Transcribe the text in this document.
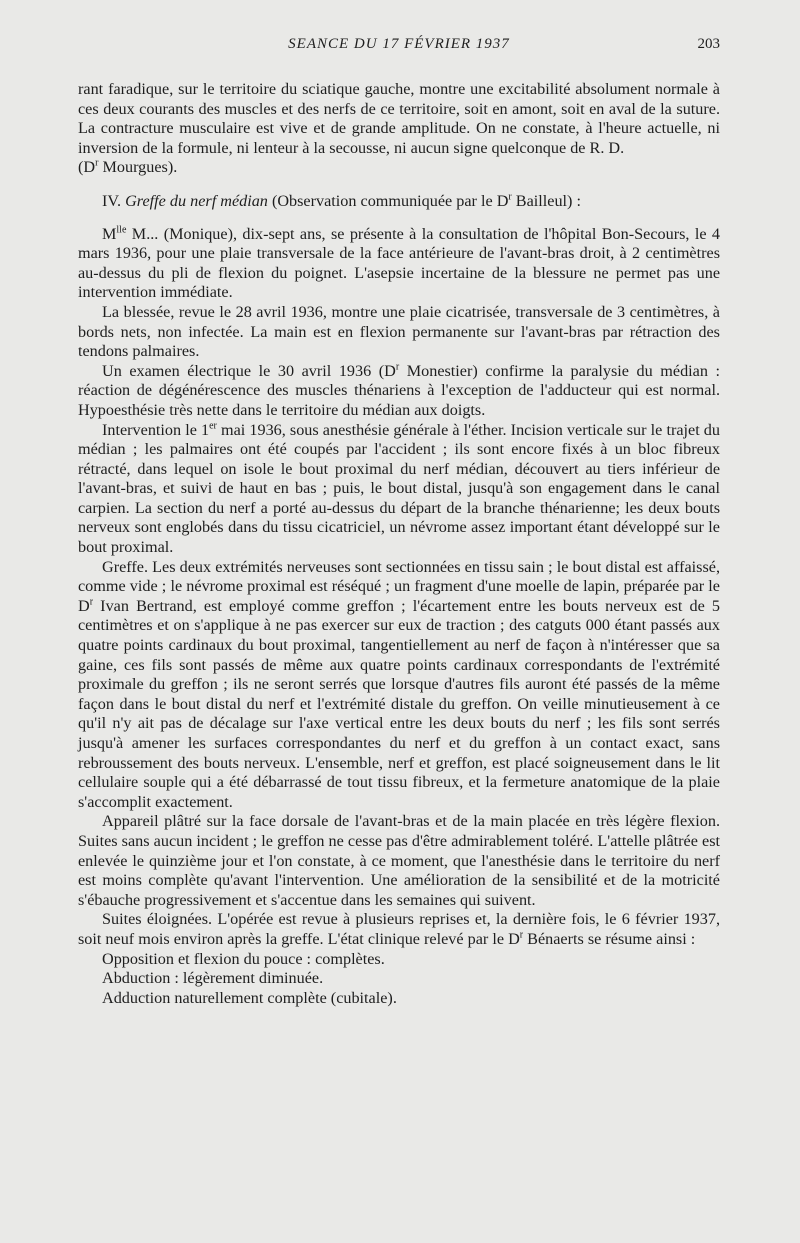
SEANCE DU 17 FÉVRIER 1937	203

rant faradique, sur le territoire du sciatique gauche, montre une excitabilité absolument normale à ces deux courants des muscles et des nerfs de ce territoire, soit en amont, soit en aval de la suture. La contracture musculaire est vive et de grande amplitude. On ne constate, à l'heure actuelle, ni inversion de la formule, ni lenteur à la secousse, ni aucun signe quelconque de R. D.
($D^r$ Mourgues).

IV. Greffe du nerf médian (Observation communiquée par le $D^r$ Bailleul) :

$M^{lle}$ M... (Monique), dix-sept ans, se présente à la consultation de l'hôpital Bon-Secours, le 4 mars 1936, pour une plaie transversale de la face antérieure de l'avant-bras droit, à 2 centimètres au-dessus du pli de flexion du poignet. L'asepsie incertaine de la blessure ne permet pas une intervention immédiate.

La blessée, revue le 28 avril 1936, montre une plaie cicatrisée, transversale de 3 centimètres, à bords nets, non infectée. La main est en flexion permanente sur l'avant-bras par rétraction des tendons palmaires.

Un examen électrique le 30 avril 1936 ($D^r$ Monestier) confirme la paralysie du médian : réaction de dégénérescence des muscles thénariens à l'exception de l'adducteur qui est normal. Hypoesthésie très nette dans le territoire du médian aux doigts.

Intervention le 1er mai 1936, sous anesthésie générale à l'éther. Incision verticale sur le trajet du médian ; les palmaires ont été coupés par l'accident ; ils sont encore fixés à un bloc fibreux rétracté, dans lequel on isole le bout proximal du nerf médian, découvert au tiers inférieur de l'avant-bras, et suivi de haut en bas ; puis, le bout distal, jusqu'à son engagement dans le canal carpien. La section du nerf a porté au-dessus du départ de la branche thénarienne; les deux bouts nerveux sont englobés dans du tissu cicatriciel, un névrome assez important étant développé sur le bout proximal.

Greffe. Les deux extrémités nerveuses sont sectionnées en tissu sain ; le bout distal est affaissé, comme vide ; le névrome proximal est réséqué ; un fragment d'une moelle de lapin, préparée par le $D^r$ Ivan Bertrand, est employé comme greffon ; l'écartement entre les bouts nerveux est de 5 centimètres et on s'applique à ne pas exercer sur eux de traction ; des catguts 000 étant passés aux quatre points cardinaux du bout proximal, tangentiellement au nerf de façon à n'intéresser que sa gaine, ces fils sont passés de même aux quatre points cardinaux correspondants de l'extrémité proximale du greffon ; ils ne seront serrés que lorsque d'autres fils auront été passés de la même façon dans le bout distal du nerf et l'extrémité distale du greffon. On veille minutieusement à ce qu'il n'y ait pas de décalage sur l'axe vertical entre les deux bouts du nerf ; les fils sont serrés jusqu'à amener les surfaces correspondantes du nerf et du greffon à un contact exact, sans rebroussement des bouts nerveux. L'ensemble, nerf et greffon, est placé soigneusement dans le lit cellulaire souple qui a été débarrassé de tout tissu fibreux, et la fermeture anatomique de la plaie s'accomplit exactement.

Appareil plâtré sur la face dorsale de l'avant-bras et de la main placée en très légère flexion. Suites sans aucun incident ; le greffon ne cesse pas d'être admirablement toléré. L'attelle plâtrée est enlevée le quinzième jour et l'on constate, à ce moment, que l'anesthésie dans le territoire du nerf est moins complète qu'avant l'intervention. Une amélioration de la sensibilité et de la motricité s'ébauche progressivement et s'accentue dans les semaines qui suivent.

Suites éloignées. L'opérée est revue à plusieurs reprises et, la dernière fois, le 6 février 1937, soit neuf mois environ après la greffe. L'état clinique relevé par le $D^r$ Bénaerts se résume ainsi :

Opposition et flexion du pouce : complètes.

Abduction : légèrement diminuée.

Adduction naturellement complète (cubitale).
